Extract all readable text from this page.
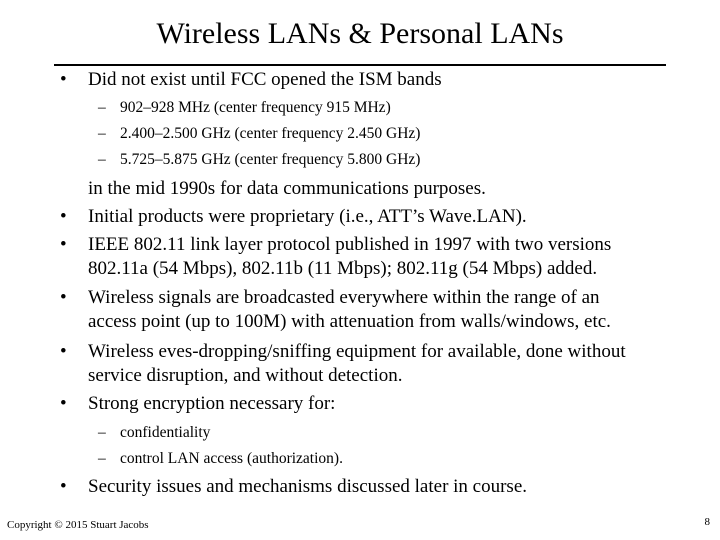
Wireless LANs & Personal LANs
• Did not exist until FCC opened the ISM bands
– 902–928 MHz (center frequency 915 MHz)
– 2.400–2.500 GHz (center frequency 2.450 GHz)
– 5.725–5.875 GHz (center frequency 5.800 GHz)
in the mid 1990s for data communications purposes.
• Initial products were proprietary (i.e., ATT’s Wave.LAN).
• IEEE 802.11 link layer protocol published in 1997 with two versions
802.11a (54 Mbps), 802.11b (11 Mbps); 802.11g (54 Mbps) added.
• Wireless signals are broadcasted everywhere within the range of an
access point (up to 100M) with attenuation from walls/windows, etc.
• Wireless eves-dropping/sniffing equipment for available, done without
service disruption, and without detection.
• Strong encryption necessary for:
– confidentiality
– control LAN access (authorization).
• Security issues and mechanisms discussed later in course.
Copyright © 2015 Stuart Jacobs	8
